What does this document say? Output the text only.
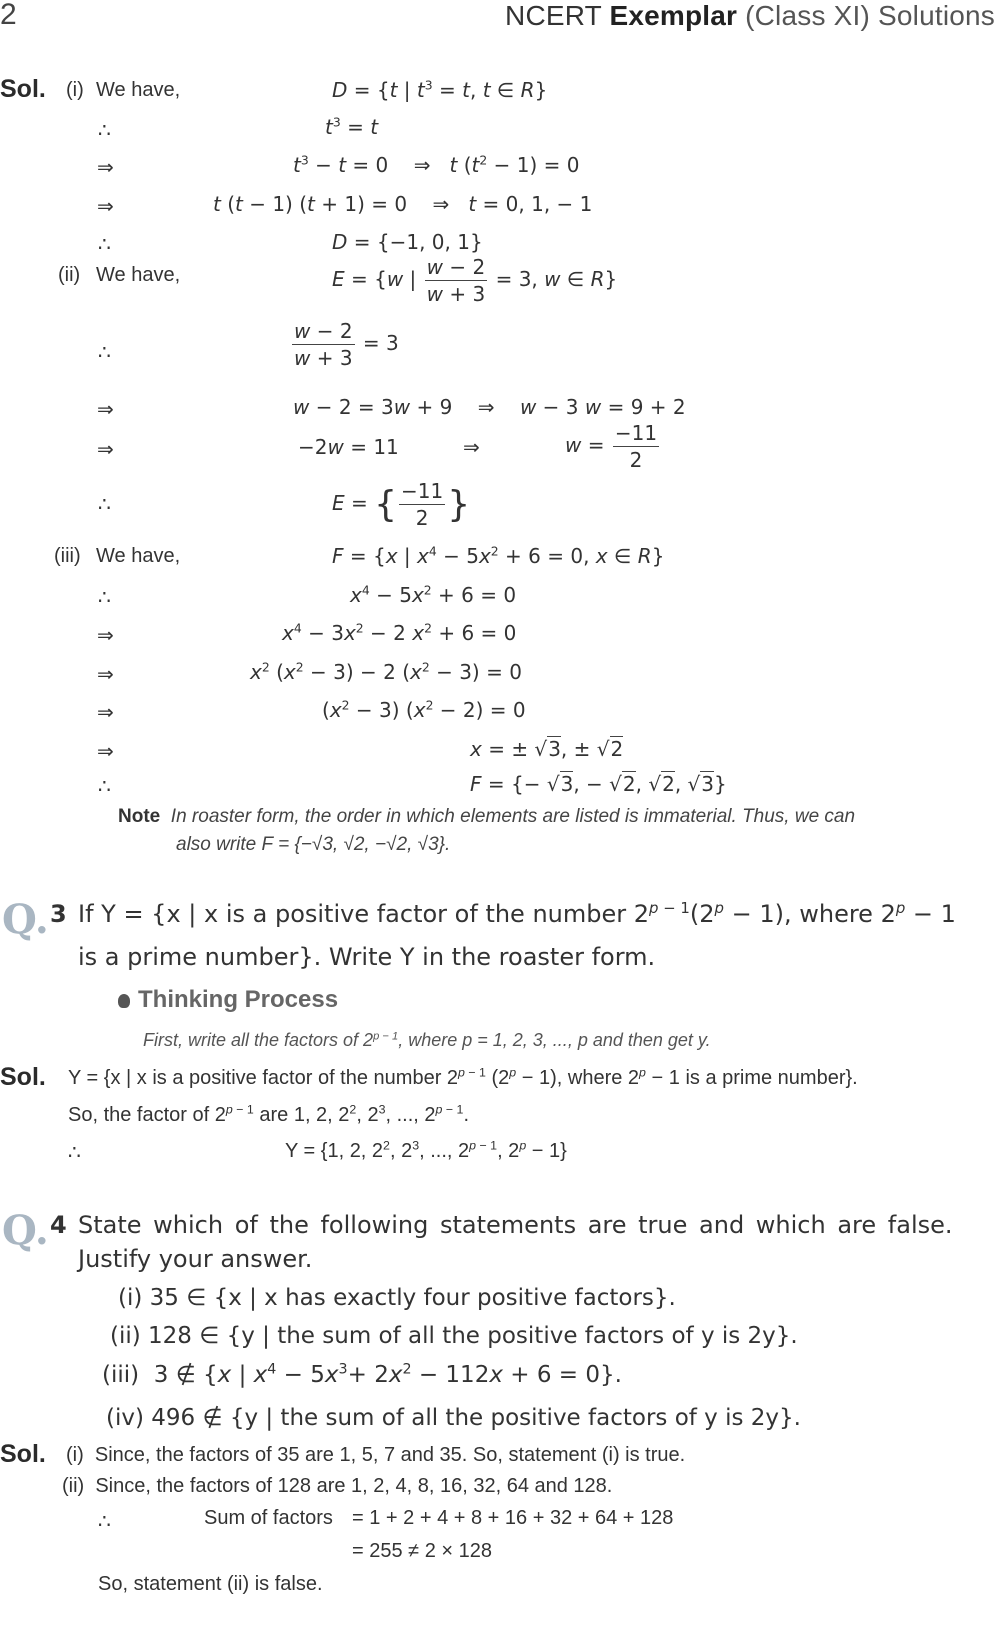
2	NCERT Exemplar (Class XI) Solutions
Sol. (i) We have,	D = {t | $t^3 = t$, t ∈ R}
∴	$t^3 = t$
⇒	$t^3 - t = 0$    ⇒   t $(t^2 - 1) = 0$
⇒	t (t − 1) (t + 1) = 0    ⇒   t = 0, 1, − 1
∴	D = {−1, 0, 1}
(ii) We have,	E = {w | $\frac{w - 2}{w + 3} = 3$, w ∈ R}
∴	$\frac{w - 2}{w + 3} = 3$
⇒	w − 2 = 3w + 9    ⇒    w − 3 w = 9 + 2
⇒	−2w = 11	⇒	$w = \frac{-11}{2}$
∴	E = { $\frac{-11}{2}$ }
(iii) We have,	F = {x | $x^4 - 5x^2 + 6 = 0$, x ∈ R}
∴	$x^4 - 5x^2 + 6 = 0$
⇒	$x^4 - 3x^2 - 2$ $x^2 + 6 = 0$
⇒	$x^2$ $(x^2 - 3) - 2$ $(x^2 - 3) = 0$
⇒	$(x^2 - 3) (x^2 - 2) = 0$
⇒	x = ± √3, ± √2
∴	F = {− √3, − √2, √2, √3}
Note In roaster form, the order in which elements are listed is immaterial. Thus, we can
also write F = {−√3, √2, −√2, √3}.
Q. 3 If Y = {x | x is a positive factor of the number $2^{p - 1}(2^p - 1)$, where $2^p - 1$
is a prime number}. Write Y in the roaster form.
Thinking Process
First, write all the factors of $2^{p - 1}$, where p = 1, 2, 3, ..., p and then get y.
Sol. Y = {x | x is a positive factor of the number $2^{p - 1}$ $(2^p - 1)$, where $2^p - 1$ is a prime number}.
So, the factor of $2^{p - 1}$ are 1, 2, $2^2$, $2^3$, ..., $2^{p - 1}$.
∴	Y = {1, 2, $2^2$, $2^3$, ..., $2^{p - 1}$, $2^p - 1$}
Q. 4 State which of the following statements are true and which are false.
Justify your answer.
(i) 35 ∈ {x | x has exactly four positive factors}.
(ii) 128 ∈ {y | the sum of all the positive factors of y is 2y}.
(iii)  3 ∉ {x | $x^4 - 5x^3+ 2x^2 - 112x + 6 = 0$}.
(iv) 496 ∉ {y | the sum of all the positive factors of y is 2y}.
Sol. (i)  Since, the factors of 35 are 1, 5, 7 and 35. So, statement (i) is true.
(ii)  Since, the factors of 128 are 1, 2, 4, 8, 16, 32, 64 and 128.
∴	Sum of factors = 1 + 2 + 4 + 8 + 16 + 32 + 64 + 128
= 255 ≠ 2 × 128
So, statement (ii) is false.
